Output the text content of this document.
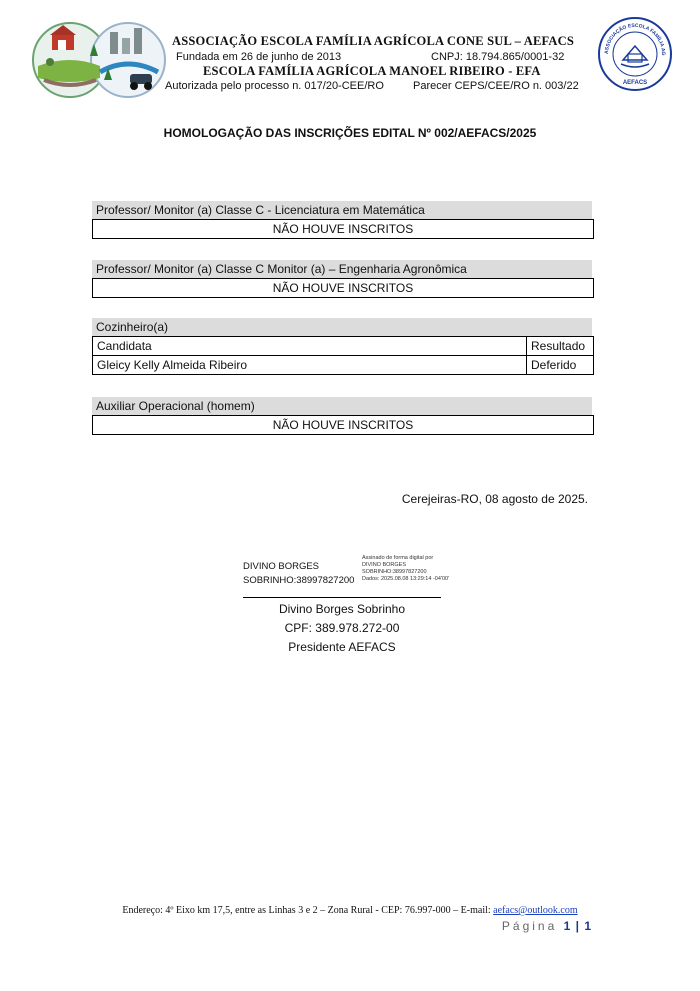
ASSOCIAÇÃO ESCOLA FAMÍLIA AGRÍCOLA CONE SUL – AEFACS
Fundada em 26 de junho de 2013	CNPJ: 18.794.865/0001-32
ESCOLA FAMÍLIA AGRÍCOLA MANOEL RIBEIRO - EFA
Autorizada pelo processo n. 017/20-CEE/RO	Parecer CEPS/CEE/RO n. 003/22
ASSOCIAÇÃO ESCOLA FAMÍLIA AG
AEFACS
HOMOLOGAÇÃO DAS INSCRIÇÕES EDITAL Nº 002/AEFACS/2025
Professor/ Monitor (a) Classe C - Licenciatura em Matemática
NÃO HOUVE INSCRITOS
Professor/ Monitor (a) Classe C Monitor (a) – Engenharia Agronômica
NÃO HOUVE INSCRITOS
Cozinheiro(a)
Candidata	Resultado
Gleicy Kelly Almeida Ribeiro	Deferido
Auxiliar Operacional (homem)
NÃO HOUVE INSCRITOS
Cerejeiras-RO, 08 agosto de 2025.
DIVINO BORGES
SOBRINHO:38997827200
Assinado de forma digital por
DIVINO BORGES
SOBRINHO:38997827200
Dados: 2025.08.08 13:29:14 -04'00'
Divino Borges Sobrinho
CPF: 389.978.272-00
Presidente AEFACS
Endereço: 4º Eixo km 17,5, entre as Linhas 3 e 2 – Zona Rural - CEP: 76.997-000 – E-mail: aefacs@outlook.com
Página 1 | 1
